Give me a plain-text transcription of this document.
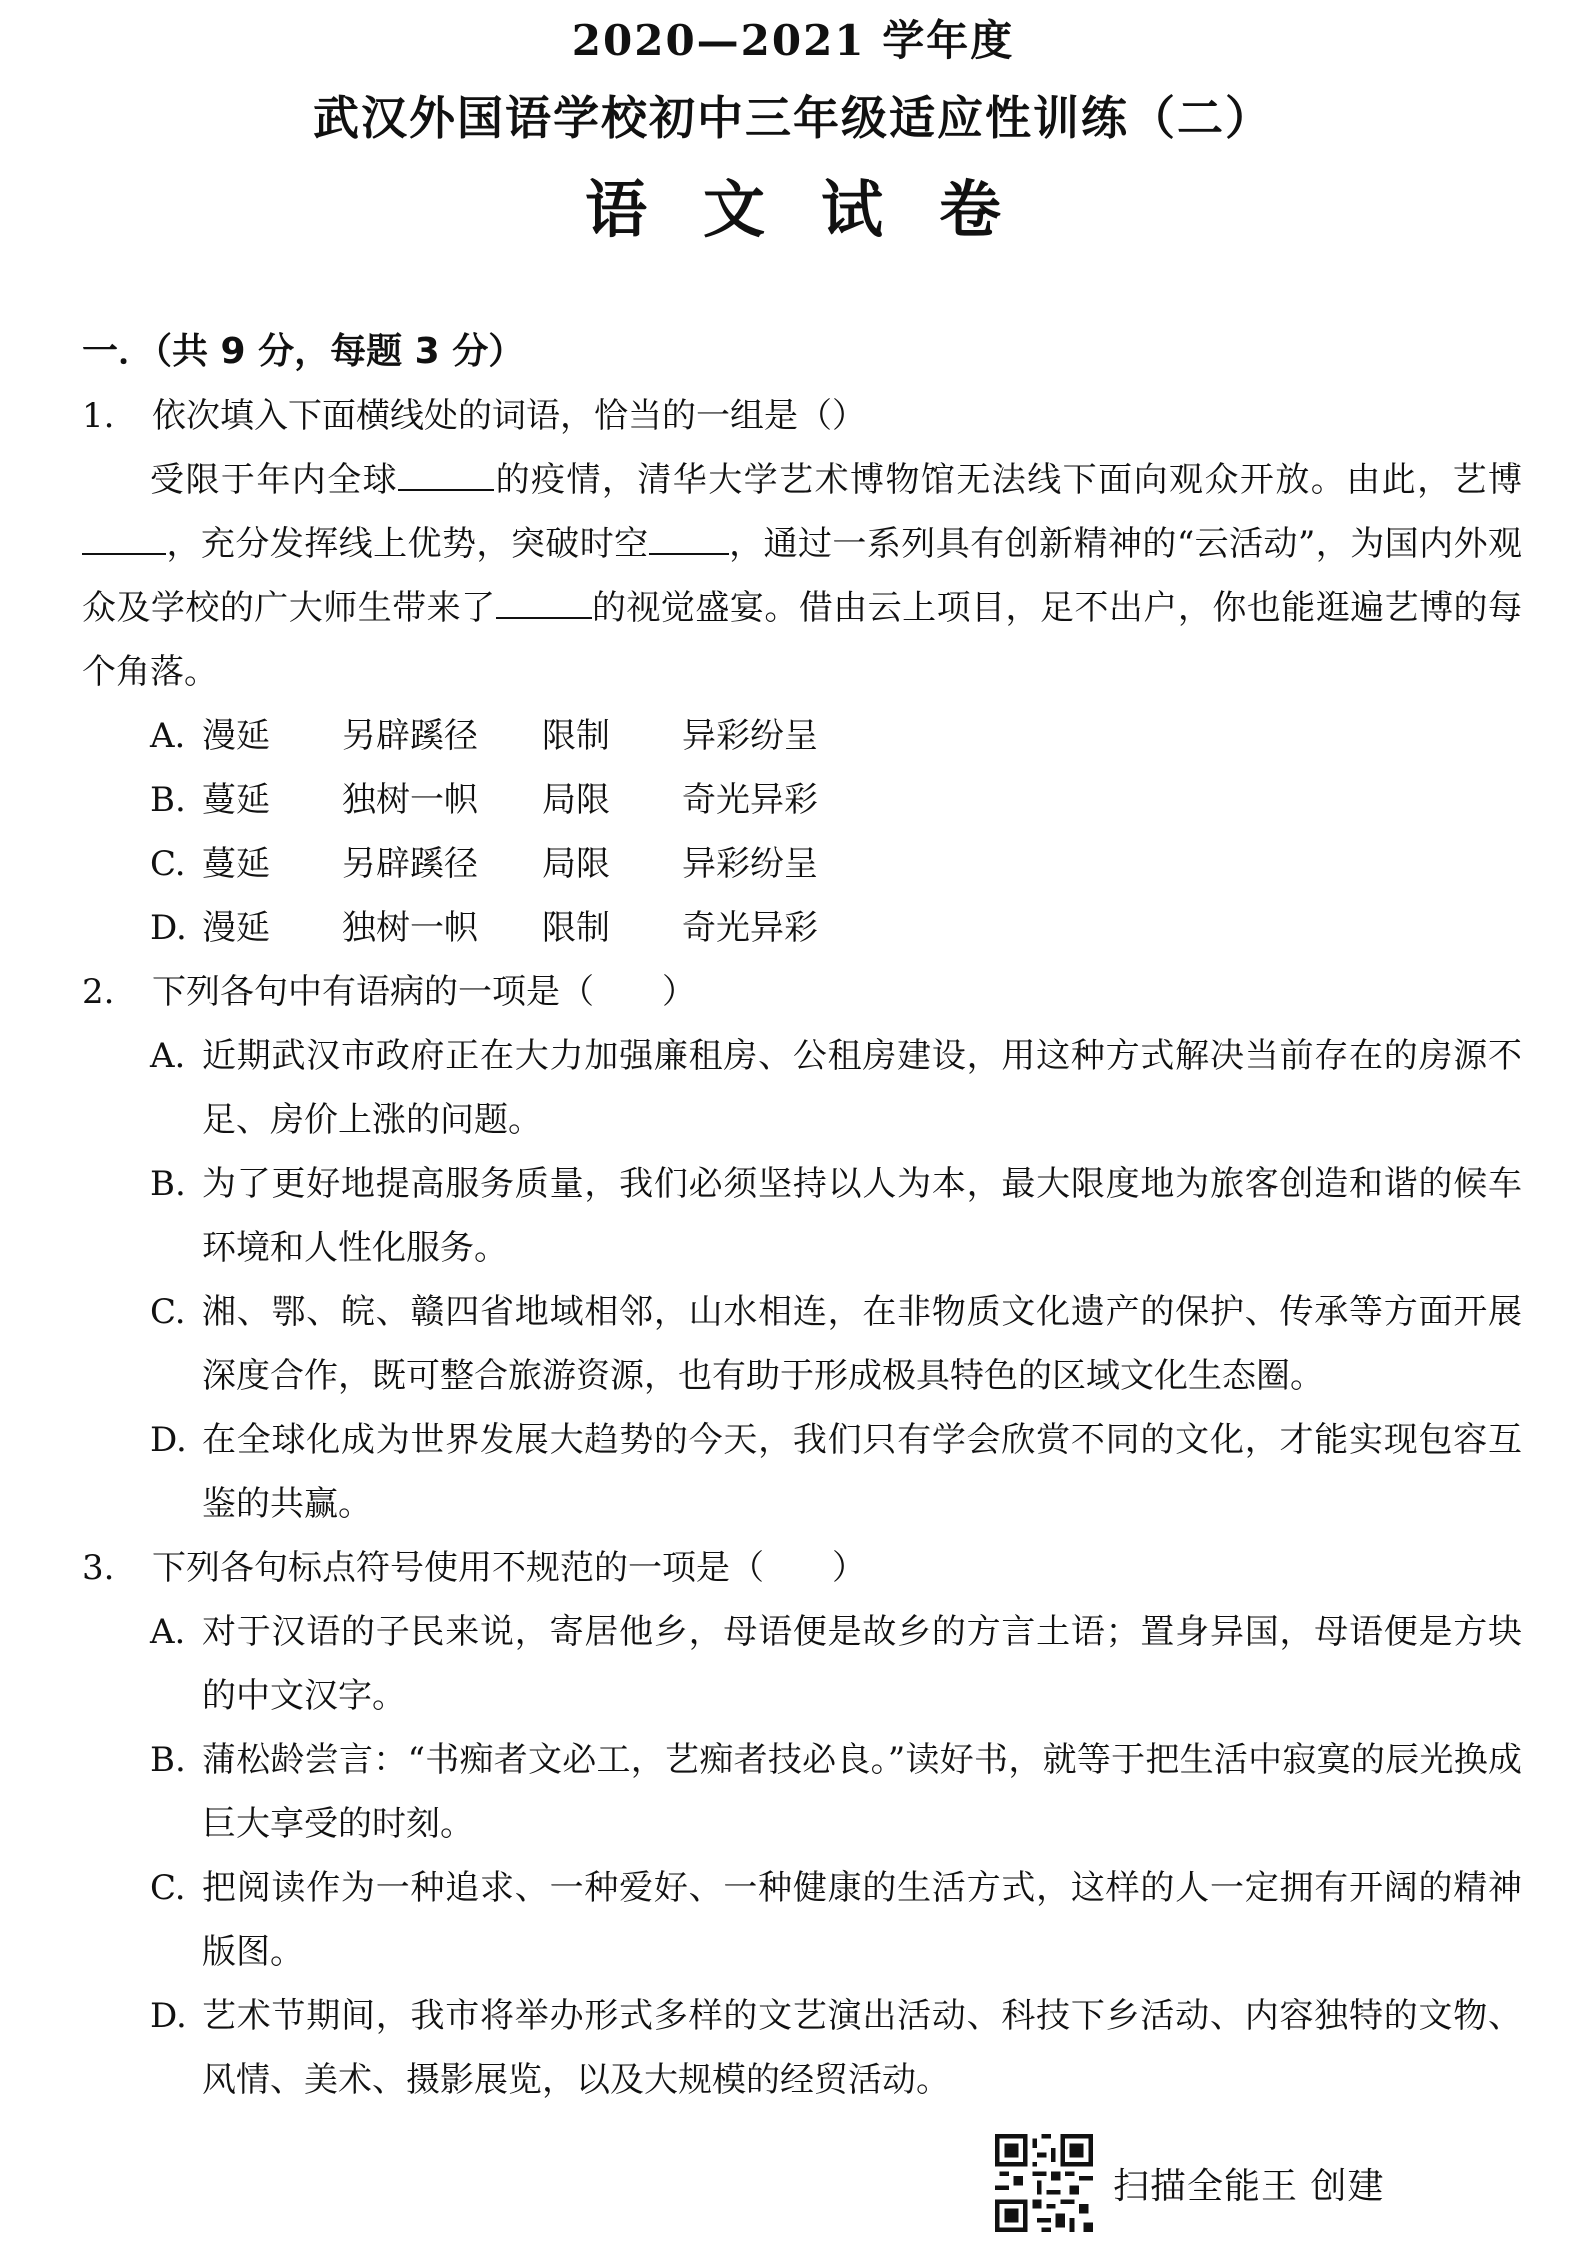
2020—2021 学年度
武汉外国语学校初中三年级适应性训练（二）
语文试卷
一．（共 9 分，每题 3 分）
1.	依次填入下面横线处的词语，恰当的一组是（）
受限于年内全球	的疫情，清华大学艺术博物馆无法线下面向观众开放。由此，艺博，充分发挥线上优势，突破时空 ，通过一系列具有创新精神的“云活动”，为国内外观众及学校的广大师生带来了	的视觉盛宴。借由云上项目，足不出户，你也能逛遍艺博的每个角落。
A. 漫延	另辟蹊径	限制	异彩纷呈
B. 蔓延	独树一帜	局限	奇光异彩
C. 蔓延	另辟蹊径	局限	异彩纷呈
D. 漫延	独树一帜	限制	奇光异彩
2.	下列各句中有语病的一项是（　　）
A. 近期武汉市政府正在大力加强廉租房、公租房建设，用这种方式解决当前存在的房源不足、房价上涨的问题。
B. 为了更好地提高服务质量，我们必须坚持以人为本，最大限度地为旅客创造和谐的候车环境和人性化服务。
C. 湘、鄂、皖、赣四省地域相邻，山水相连，在非物质文化遗产的保护、传承等方面开展深度合作，既可整合旅游资源，也有助于形成极具特色的区域文化生态圈。
D. 在全球化成为世界发展大趋势的今天，我们只有学会欣赏不同的文化，才能实现包容互鉴的共赢。
3.	下列各句标点符号使用不规范的一项是（　　）
A. 对于汉语的子民来说，寄居他乡，母语便是故乡的方言土语；置身异国，母语便是方块的中文汉字。
B. 蒲松龄尝言：“书痴者文必工，艺痴者技必良。”读好书，就等于把生活中寂寞的辰光换成巨大享受的时刻。
C. 把阅读作为一种追求、一种爱好、一种健康的生活方式，这样的人一定拥有开阔的精神版图。
D. 艺术节期间，我市将举办形式多样的文艺演出活动、科技下乡活动、内容独特的文物、风情、美术、摄影展览，以及大规模的经贸活动。
扫描全能王 创建
